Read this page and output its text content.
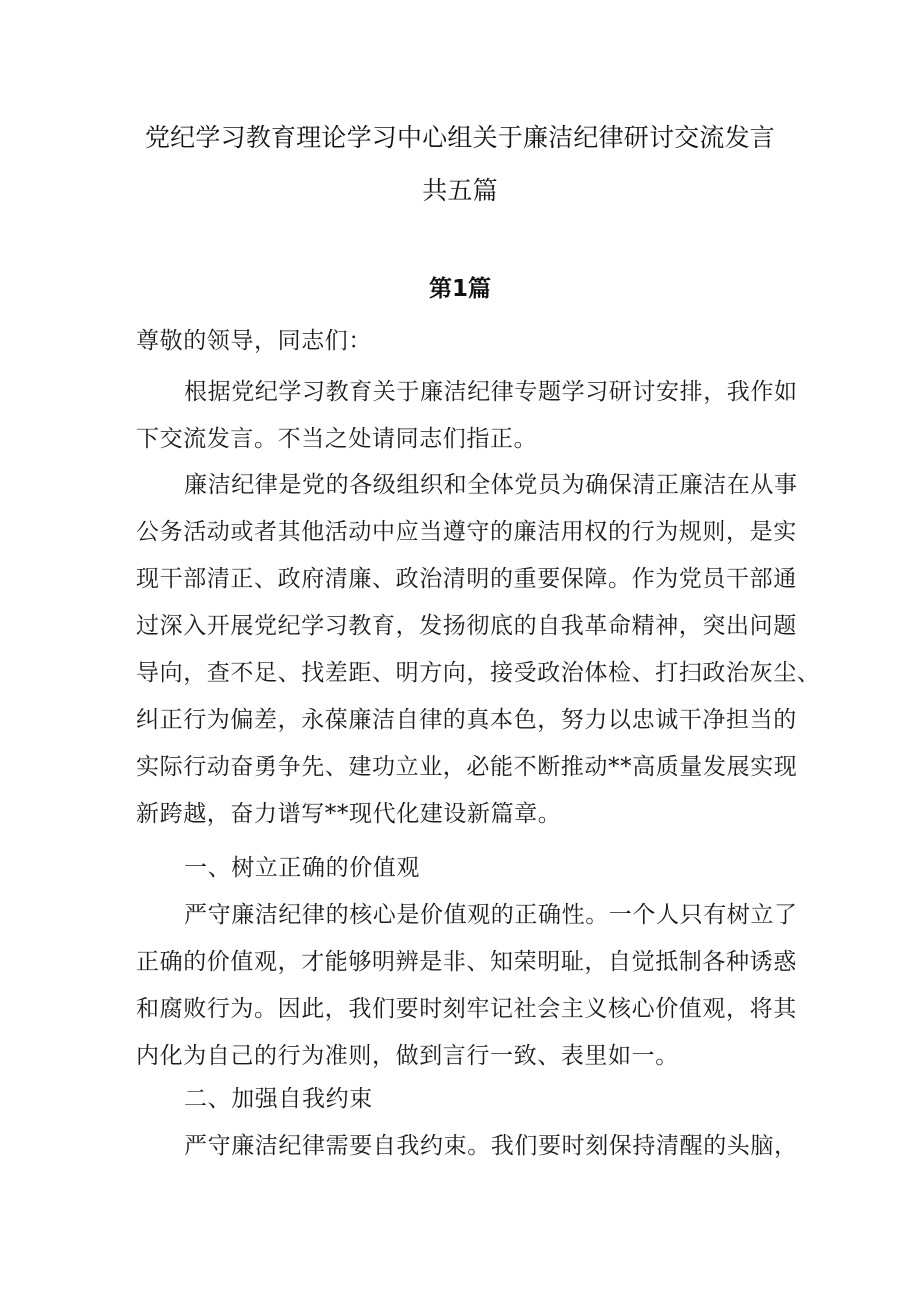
党纪学习教育理论学习中心组关于廉洁纪律研讨交流发言
共五篇
第1篇
尊敬的领导，同志们：
根据党纪学习教育关于廉洁纪律专题学习研讨安排，我作如
下交流发言。不当之处请同志们指正。
廉洁纪律是党的各级组织和全体党员为确保清正廉洁在从事
公务活动或者其他活动中应当遵守的廉洁用权的行为规则，是实
现干部清正、政府清廉、政治清明的重要保障。作为党员干部通
过深入开展党纪学习教育，发扬彻底的自我革命精神，突出问题
导向，查不足、找差距、明方向，接受政治体检、打扫政治灰尘、
纠正行为偏差，永葆廉洁自律的真本色，努力以忠诚干净担当的
实际行动奋勇争先、建功立业，必能不断推动**高质量发展实现
新跨越，奋力谱写**现代化建设新篇章。
一、树立正确的价值观
严守廉洁纪律的核心是价值观的正确性。一个人只有树立了
正确的价值观，才能够明辨是非、知荣明耻，自觉抵制各种诱惑
和腐败行为。因此，我们要时刻牢记社会主义核心价值观，将其
内化为自己的行为准则，做到言行一致、表里如一。
二、加强自我约束
严守廉洁纪律需要自我约束。我们要时刻保持清醒的头脑，
